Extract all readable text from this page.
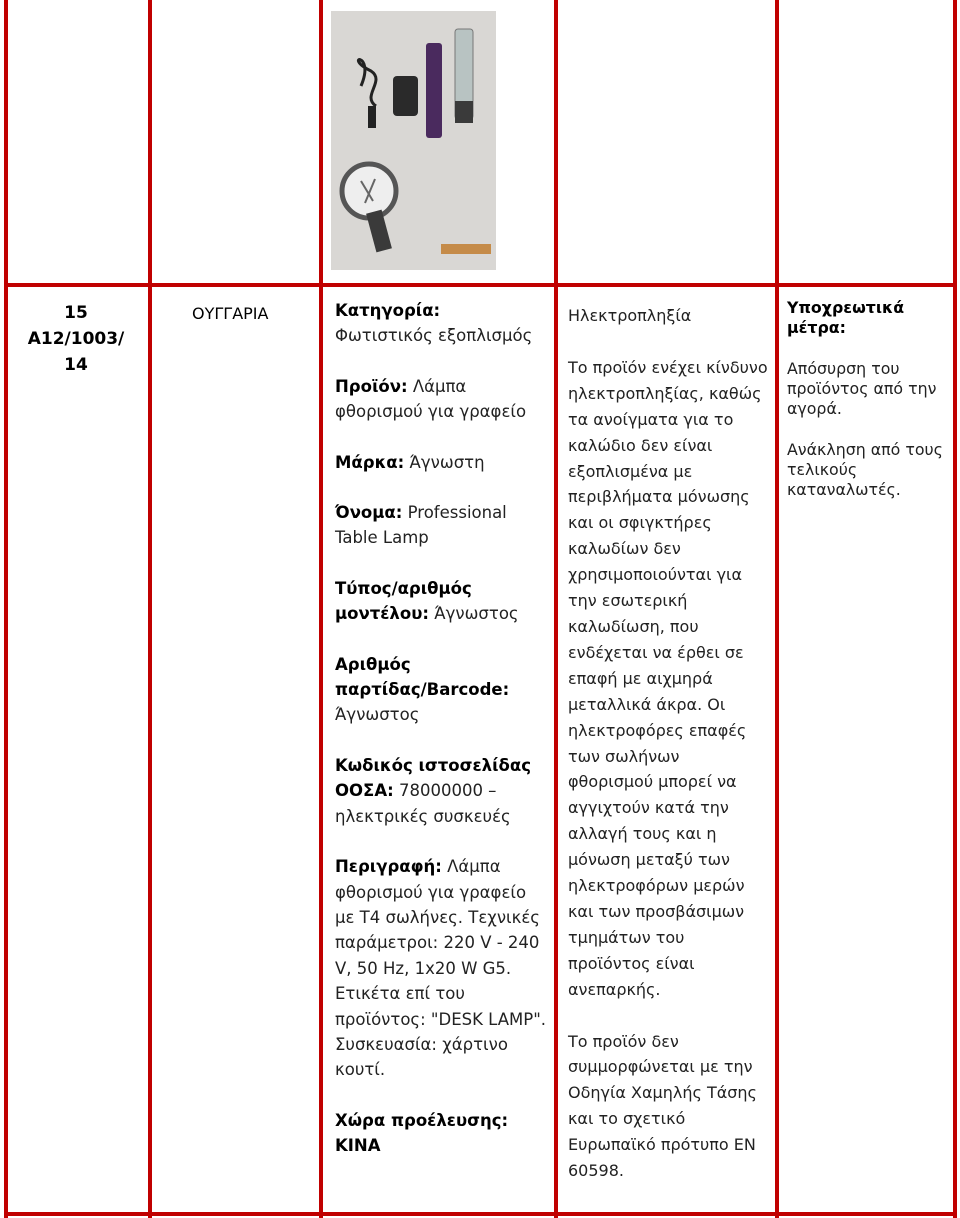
15
A12/1003/
14
ΟΥΓΓΑΡΙΑ	Κατηγορία:
Φωτιστικός εξοπλισμός

Προϊόν: Λάμπα φθορισμού για γραφείο

Μάρκα: Άγνωστη

Όνομα: Professional Table Lamp

Τύπος/αριθμός μοντέλου: Άγνωστος

Αριθμός παρτίδας/Barcode: Άγνωστος

Κωδικός ιστοσελίδας ΟΟΣΑ: 78000000 – ηλεκτρικές συσκευές

Περιγραφή: Λάμπα φθορισμού για γραφείο με T4 σωλήνες. Τεχνικές παράμετροι: 220 V - 240 V, 50 Hz, 1x20 W G5. Ετικέτα επί του προϊόντος: "DESK LAMP". Συσκευασία: χάρτινο κουτί.

Χώρα προέλευσης: ΚΙΝΑ

Ηλεκτροπληξία

Το προϊόν ενέχει κίνδυνο ηλεκτροπληξίας, καθώς τα ανοίγματα για το καλώδιο δεν είναι εξοπλισμένα με περιβλήματα μόνωσης και οι σφιγκτήρες καλωδίων δεν χρησιμοποιούνται για την εσωτερική καλωδίωση, που ενδέχεται να έρθει σε επαφή με αιχμηρά μεταλλικά άκρα. Οι ηλεκτροφόρες επαφές των σωλήνων φθορισμού μπορεί να αγγιχτούν κατά την αλλαγή τους και η μόνωση μεταξύ των ηλεκτροφόρων μερών και των προσβάσιμων τμημάτων του προϊόντος είναι ανεπαρκής.

Το προϊόν δεν συμμορφώνεται με την Οδηγία Χαμηλής Τάσης και το σχετικό Ευρωπαϊκό πρότυπο EN 60598.

Υποχρεωτικά μέτρα:

Απόσυρση του προϊόντος από την αγορά.

Ανάκληση από τους τελικούς καταναλωτές.
